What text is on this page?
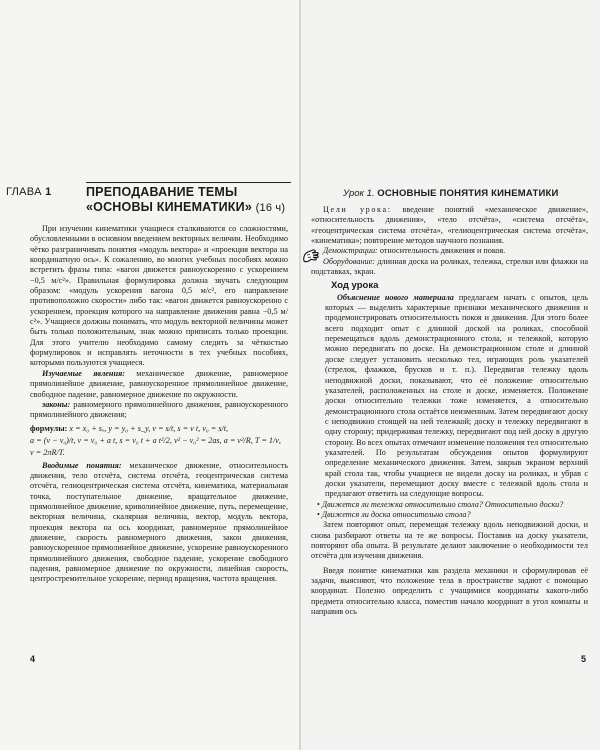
ГЛАВА 1	ПРЕПОДАВАНИЕ ТЕМЫ
«ОСНОВЫ КИНЕМАТИКИ» (16 ч)

При изучении кинематики учащиеся сталкиваются со сложностями, обусловленными в основном введением векторных величин. Необходимо чётко разграничивать понятия «модуль вектора» и «проекция вектора на координатную ось». К сожалению, во многих учебных пособиях можно встретить фразы типа: «вагон движется равноускоренно с ускорением −0,5 м/с²». Правильная формулировка должна звучать следующим образом: «модуль ускорения вагона 0,5 м/с², его направление противоположно скорости» либо так: «вагон движется равноускоренно с ускорением, проекция которого на направление движения равна −0,5 м/с²». Учащиеся должны понимать, что модуль векторной величины может быть только положительным, знак можно приписать только проекции. Для этого учителю необходимо самому следить за чёткостью формулировок и исправлять неточности в тех учебных пособиях, которыми пользуются учащиеся.

Изучаемые явления: механическое движение, равномерное прямолинейное движение, равноускоренное прямолинейное движение, свободное падение, равномерное движение по окружности.

законы: равномерного прямолинейного движения, равноускоренного прямолинейного движения;

формулы: x = x₀ + sₓ, y = y₀ + s_y, v = s/t, s = v t, v₀ = s/t,
a = (v − v₀)/t, v = v₀ + a t, s = v₀ t + a t²/2, v² − v₀² = 2as, a = v²/R, T = 1/ν,
v = 2πR/T.

Вводимые понятия: механическое движение, относительность движения, тело отсчёта, система отсчёта, геоцентрическая система отсчёта, гелиоцентрическая система отсчёта, кинематика, материальная точка, поступательное движение, вращательное движение, прямолинейное движение, криволинейное движение, путь, перемещение, векторная величина, скалярная величина, вектор, модуль вектора, проекция вектора на ось координат, равномерное прямолинейное движение, скорость равномерного движения, закон движения, равноускоренное прямолинейное движение, ускорение равноускоренного прямолинейного движения, свободное падение, ускорение свободного падения, равномерное движение по окружности, линейная скорость, центростремительное ускорение, период вращения, частота вращения.

4
Урок 1. ОСНОВНЫЕ ПОНЯТИЯ КИНЕМАТИКИ

Цели урока: введение понятий «механическое движение», «относительность движения», «тело отсчёта», «система отсчёта», «геоцентрическая система отсчёта», «гелиоцентрическая система отсчёта», «кинематика»; повторение методов научного познания.

Демонстрации: относительность движения и покоя.

Оборудование: длинная доска на роликах, тележка, стрелки или флажки на подставках, экран.

Ход урока

Объяснение нового материала предлагаем начать с опытов, цель которых — выделить характерные признаки механического движения и продемонстрировать относительность покоя и движения. Для этого более всего подходит опыт с длинной доской на роликах, способной перемещаться вдоль демонстрационного стола, и тележкой, которую можно передвигать по доске. На демонстрационном столе и длинной доске следует установить несколько тел, играющих роль указателей (стрелок, флажков, брусков и т. п.). Передвигая тележку вдоль неподвижной доски, показывают, что её положение относительно указателей, расположенных на столе и доске, изменяется. Положение доски относительно тележки тоже изменяется, а относительно демонстрационного стола остаётся неизменным. Затем передвигают доску с неподвижно стоящей на ней тележкой; доску и тележку передвигают в одну сторону; придерживая тележку, передвигают под ней доску в другую сторону. Во всех опытах отмечают изменение положения тел относительно указателей. По результатам обсуждения опытов формулируют определение механического движения. Затем, закрыв экраном верхний край стола так, чтобы учащиеся не видели доску на роликах, и убрав с доски указатели, перемещают доску вместе с тележкой вдоль стола и предлагают ответить на следующие вопросы.

• Движется ли тележка относительно стола? Относительно доски?

• Движется ли доска относительно стола?

Затем повторяют опыт, перемещая тележку вдоль неподвижной доски, и снова разбирают ответы на те же вопросы. Поставив на доску указатели, повторяют оба опыта. В результате делают заключение о необходимости тел отсчёта для изучения движения.

Введя понятие кинематики как раздела механики и сформулировав её задачи, выясняют, что положение тела в пространстве задают с помощью координат. Полезно определить с учащимися координаты какого-либо предмета относительно класса, поместив начало координат в угол комнаты и направив ось

5
